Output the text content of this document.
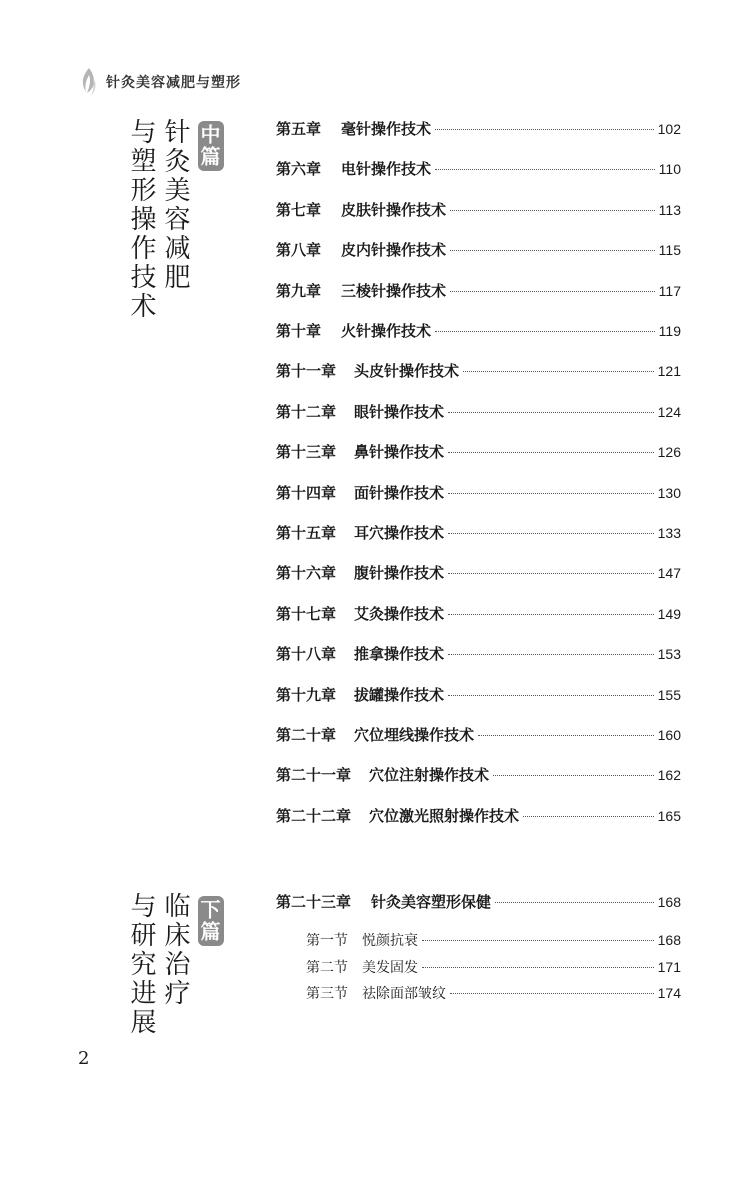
针灸美容减肥与塑形
中篇
针灸美容减肥
与塑形操作技术	第五章 毫针操作技术	102
第六章 电针操作技术	110
第七章 皮肤针操作技术	113
第八章 皮内针操作技术	115
第九章 三棱针操作技术	117
第十章 火针操作技术	119
第十一章 头皮针操作技术	121
第十二章 眼针操作技术	124
第十三章 鼻针操作技术	126
第十四章 面针操作技术	130
第十五章 耳穴操作技术	133
第十六章 腹针操作技术	147
第十七章 艾灸操作技术	149
第十八章 推拿操作技术	153
第十九章 拔罐操作技术	155
第二十章 穴位埋线操作技术	160
第二十一章 穴位注射操作技术	162
第二十二章 穴位激光照射操作技术	165
下篇
临床治疗
与研究进展	第二十三章 针灸美容塑形保健	168
第一节 悦颜抗衰	168
第二节 美发固发	171
第三节 祛除面部皱纹	174
2
